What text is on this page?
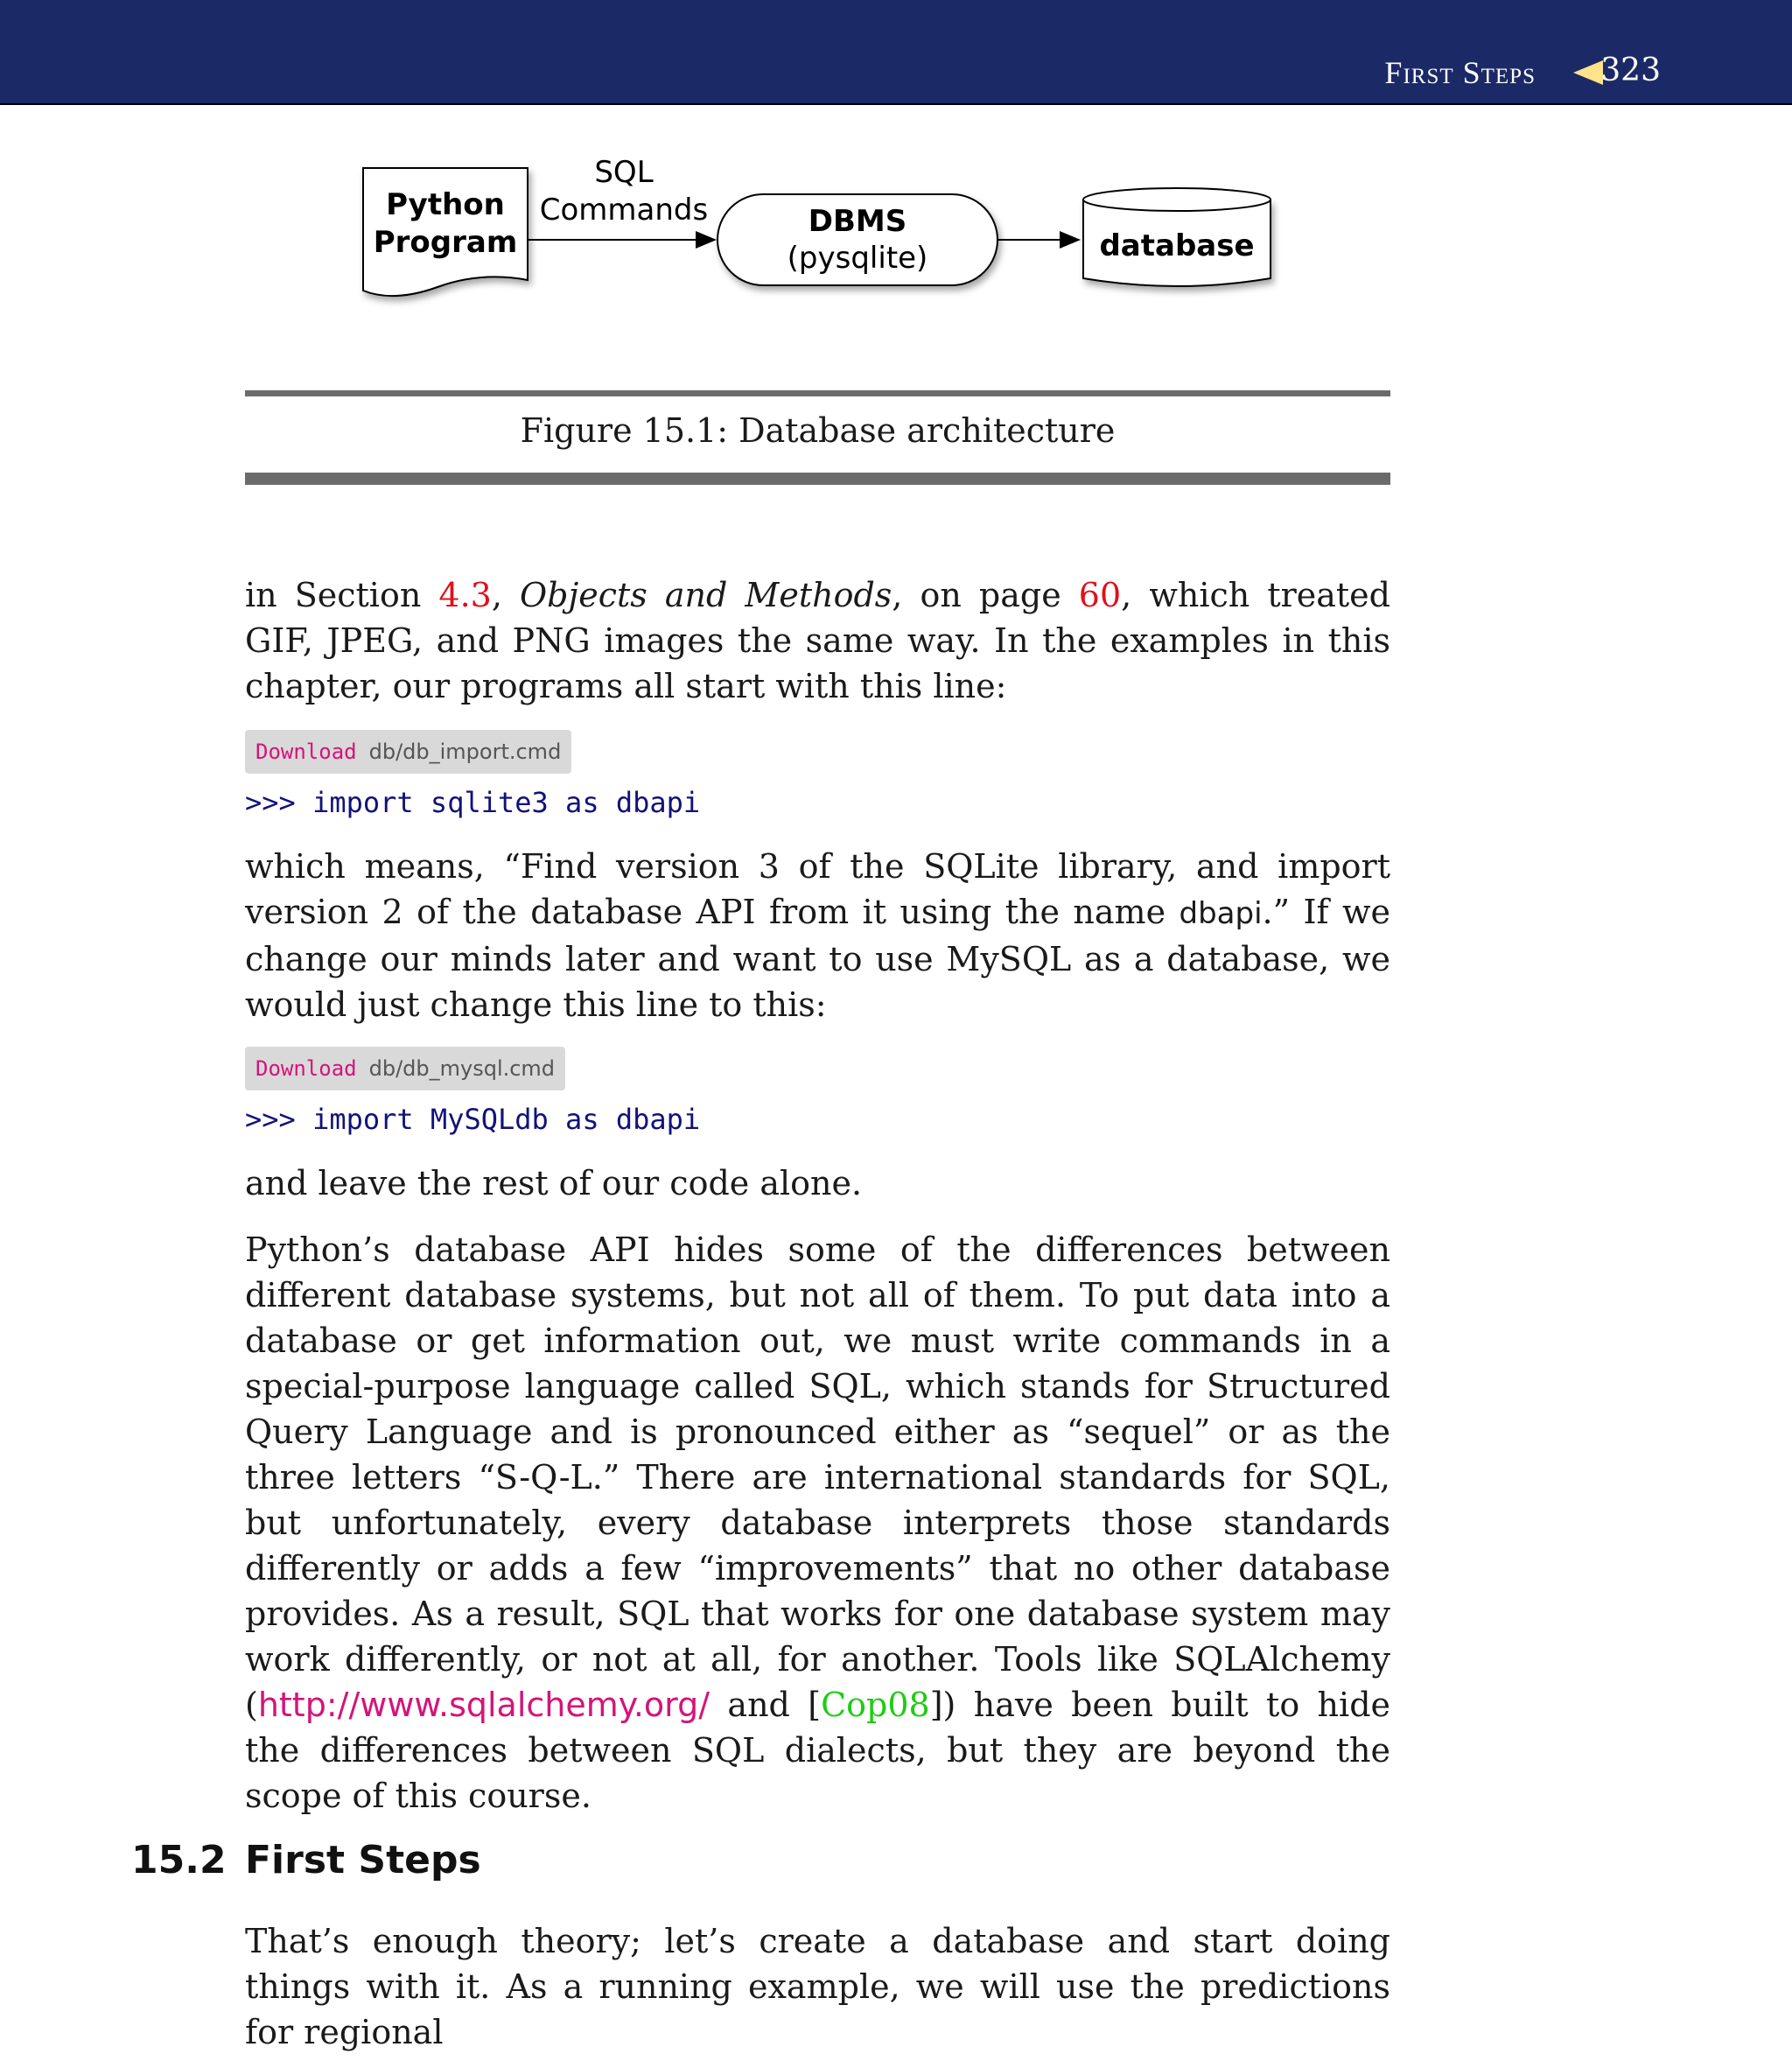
First Steps 323
Python
Program
SQL
Commands	DBMS
(pysqlite)	database
Figure 15.1: Database architecture
in Section 4.3, Objects and Methods, on page 60, which treated GIF, JPEG, and PNG images the same way. In the examples in this chapter, our programs all start with this line:
Download db/db_import.cmd
>>> import sqlite3 as dbapi
which means, “Find version 3 of the SQLite library, and import version 2 of the database API from it using the name dbapi.” If we change our minds later and want to use MySQL as a database, we would just change this line to this:
Download db/db_mysql.cmd
>>> import MySQLdb as dbapi
and leave the rest of our code alone.
Python’s database API hides some of the differences between different database systems, but not all of them. To put data into a database or get information out, we must write commands in a special-purpose language called SQL, which stands for Structured Query Language and is pronounced either as “sequel” or as the three letters “S-Q-L.” There are international standards for SQL, but unfortunately, every database interprets those standards differently or adds a few “improvements” that no other database provides. As a result, SQL that works for one database system may work differently, or not at all, for another. Tools like SQLAlchemy (http://www.sqlalchemy.org/ and [Cop08]) have been built to hide the differences between SQL dialects, but they are beyond the scope of this course.
15.2 First Steps
That’s enough theory; let’s create a database and start doing things with it. As a running example, we will use the predictions for regional
